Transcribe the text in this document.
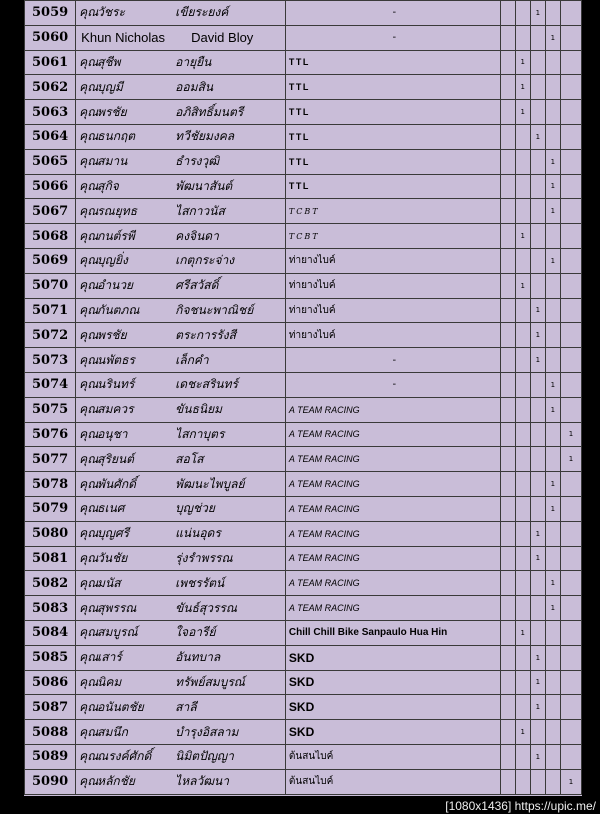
5059	คุณวัชระ เขียระยงค์	-			1		
5060	Khun Nicholas David Bloy	-				1	
5061	คุณสุชีพ อายุยืน	TTL		1			
5062	คุณบุญมี ออมสิน	TTL		1			
5063	คุณพรชัย อภิสิทธิ์มนตรี	TTL		1			
5064	คุณธนกฤต ทวีชัยมงคล	TTL			1		
5065	คุณสมาน ธำรงวุฒิ	TTL				1	
5066	คุณสุกิจ พัฒนาสันต์	TTL				1	
5067	คุณรณยุทธ ไสกาวนัส	TCBT				1	
5068	คุณกนต์รพี คงจินดา	TCBT		1			
5069	คุณบุญยิ่ง เกตุกระจ่าง	ท่ายางไบค์				1	
5070	คุณอำนวย ศรีสวัสดิ์	ท่ายางไบค์		1			
5071	คุณกันตภณ กิจชนะพาณิชย์	ท่ายางไบค์			1		
5072	คุณพรชัย ตระการรังสี	ท่ายางไบค์			1		
5073	คุณนพัตธร เล็กคำ	-			1		
5074	คุณนรินทร์ เดชะสรินทร์	-				1	
5075	คุณสมควร ขันธนิยม	A TEAM RACING				1	
5076	คุณอนุชา ไสกาบุตร	A TEAM RACING					1
5077	คุณสุริยนต์ สอโส	A TEAM RACING					1
5078	คุณพันศักดิ์ พัฒนะไพบูลย์	A TEAM RACING				1	
5079	คุณธเนศ บุญช่วย	A TEAM RACING				1	
5080	คุณบุญศรี แน่นอุดร	A TEAM RACING			1		
5081	คุณวันชัย รุ่งรำพรรณ	A TEAM RACING			1		
5082	คุณมนัส เพชรรัตน์	A TEAM RACING				1	
5083	คุณสุพรรณ ขันธ์สุวรรณ	A TEAM RACING				1	
5084	คุณสมบูรณ์ ใจอารีย์	Chill Chill Bike Sanpaulo Hua Hin		1			
5085	คุณเสาร์ อันทบาล	SKD			1		
5086	คุณนิคม ทรัพย์สมบูรณ์	SKD			1		
5087	คุณอนันตชัย สาลี	SKD			1		
5088	คุณสมนึก บำรุงอิสลาม	SKD		1			
5089	คุณณรงค์ศักดิ์ นิมิตปัญญา	ต้นสนไบค์			1		
5090	คุณหลักชัย ไหลวัฒนา	ต้นสนไบค์					1
[1080x1436] https://upic.me/
